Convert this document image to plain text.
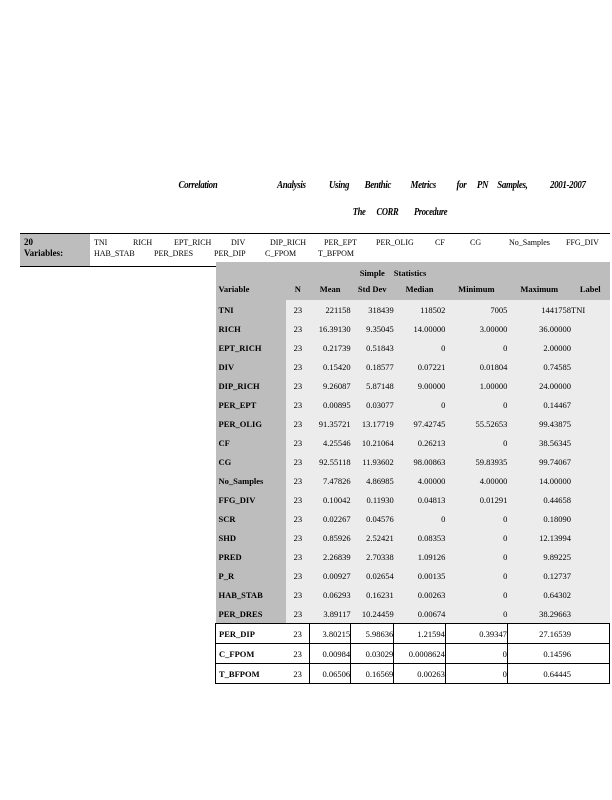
Correlation	Analysis Using Benthic Metrics for PN Samples, 2001-2007
The CORR Procedure
20
Variables:
TNI	RICH	EPT_RICH DIV	DIP_RICH PER_EPT PER_OLIG	CF	CG	No_Samples FFG_DIV
HAB_STAB PER_DRES	PER_DIP C_FPOM	T_BFPOM
			Simple	Statistics			
Variable	N	Mean	Std Dev	Median	Minimum	Maximum	Label
TNI	23	221158	318439	118502	7005	1441758	TNI
RICH	23	16.39130	9.35045	14.00000	3.00000	36.00000	
EPT_RICH	23	0.21739	0.51843	0	0	2.00000	
DIV	23	0.15420	0.18577	0.07221	0.01804	0.74585	
DIP_RICH	23	9.26087	5.87148	9.00000	1.00000	24.00000	
PER_EPT	23	0.00895	0.03077	0	0	0.14467	
PER_OLIG	23	91.35721	13.17719	97.42745	55.52653	99.43875	
CF	23	4.25546	10.21064	0.26213	0	38.56345	
CG	23	92.55118	11.93602	98.00863	59.83935	99.74067	
No_Samples	23	7.47826	4.86985	4.00000	4.00000	14.00000	
FFG_DIV	23	0.10042	0.11930	0.04813	0.01291	0.44658	
SCR	23	0.02267	0.04576	0	0	0.18090	
SHD	23	0.85926	2.52421	0.08353	0	12.13994	
PRED	23	2.26839	2.70338	1.09126	0	9.89225	
P_R	23	0.00927	0.02654	0.00135	0	0.12737	
HAB_STAB	23	0.06293	0.16231	0.00263	0	0.64302	
PER_DRES	23	3.89117	10.24459	0.00674	0	38.29663	
PER_DIP	23	3.80215	5.98636	1.21594	0.39347	27.16539	
C_FPOM	23	0.00984	0.03029	0.0008624	0	0.14596	
T_BFPOM	23	0.06506	0.16569	0.00263	0	0.64445	
